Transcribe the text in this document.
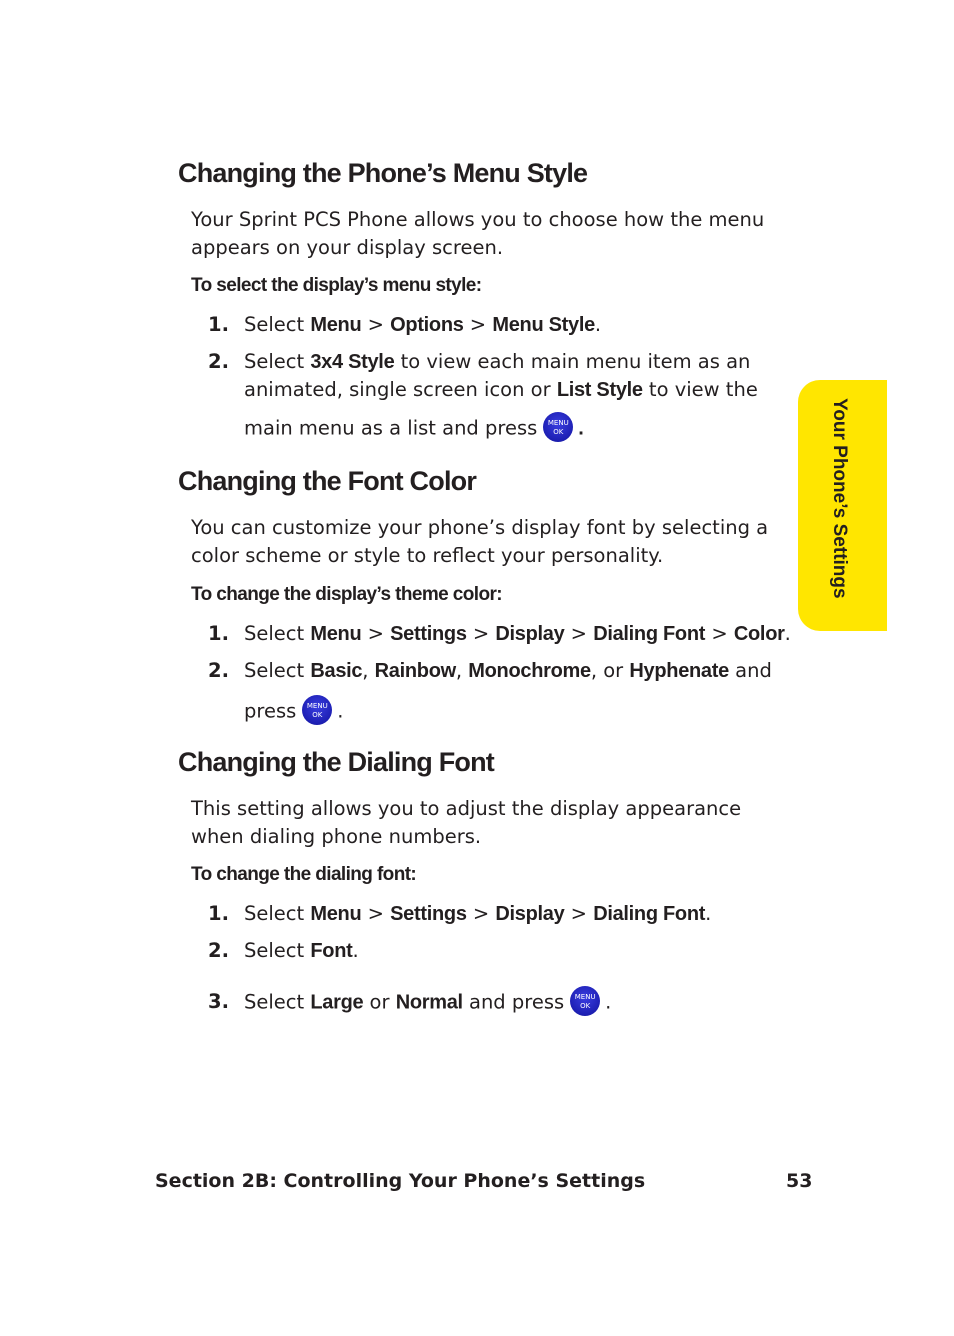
Your Phone’s Settings
Changing the Phone’s Menu Style

Your Sprint PCS Phone allows you to choose how the menu
appears on your display screen.

To select the display’s menu style:

1. Select Menu > Options > Menu Style.
2. Select 3x4 Style to view each main menu item as an
animated, single screen icon or List Style to view the
main menu as a list and press	MENU
OK .
Changing the Font Color

You can customize your phone’s display font by selecting a
color scheme or style to reflect your personality.

To change the display’s theme color:

1. Select Menu > Settings > Display > Dialing Font > Color.
2. Select Basic, Rainbow, Monochrome, or Hyphenate and
press	MENU
OK .
Changing the Dialing Font

This setting allows you to adjust the display appearance
when dialing phone numbers.

To change the dialing font:

1. Select Menu > Settings > Display > Dialing Font.
2. Select Font.
3. Select Large or Normal and press	MENU
OK .
Section 2B: Controlling Your Phone’s Settings	53
